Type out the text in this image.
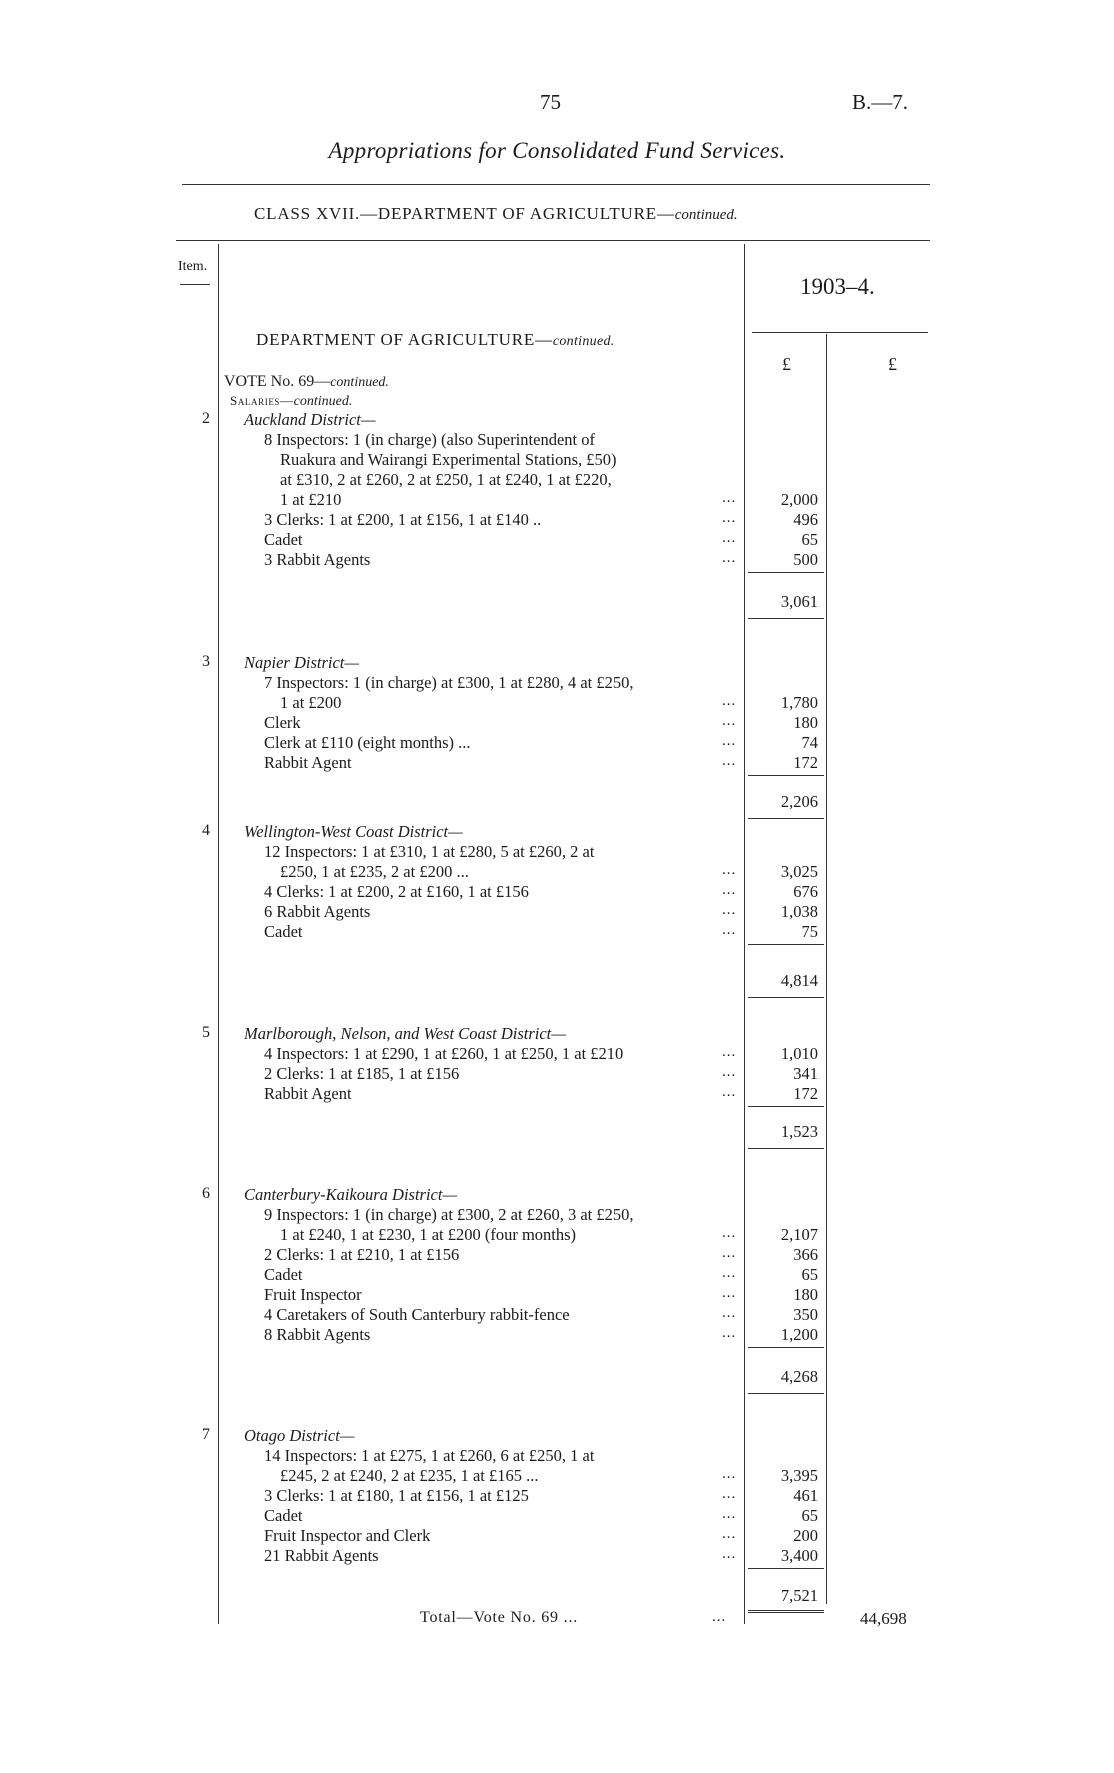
75	B.—7.
Appropriations for Consolidated Fund Services.
CLASS XVII.—DEPARTMENT OF AGRICULTURE—continued.
Item.
1903–4.
£	£
DEPARTMENT OF AGRICULTURE—continued.
VOTE No. 69—continued.
Salaries—continued.
2 Auckland District—
8 Inspectors: 1 (in charge) (also Superintendent of
Ruakura and Wairangi Experimental Stations, £50)
at £310, 2 at £260, 2 at £250, 1 at £240, 1 at £220,
1 at £210	...	2,000
3 Clerks: 1 at £200, 1 at £156, 1 at £140 ..	...	496
Cadet	...	65
3 Rabbit Agents	...	500
3,061
3 Napier District—
7 Inspectors: 1 (in charge) at £300, 1 at £280, 4 at £250,
1 at £200	...	1,780
Clerk	...	180
Clerk at £110 (eight months) ...	...	74
Rabbit Agent	...	172
2,206
4 Wellington-West Coast District—
12 Inspectors: 1 at £310, 1 at £280, 5 at £260, 2 at
£250, 1 at £235, 2 at £200 ...	...	3,025
4 Clerks: 1 at £200, 2 at £160, 1 at £156	...	676
6 Rabbit Agents	...	1,038
Cadet	...	75
4,814
5 Marlborough, Nelson, and West Coast District—
4 Inspectors: 1 at £290, 1 at £260, 1 at £250, 1 at £210	...	1,010
2 Clerks: 1 at £185, 1 at £156	...	341
Rabbit Agent	...	172
1,523
6 Canterbury-Kaikoura District—
9 Inspectors: 1 (in charge) at £300, 2 at £260, 3 at £250,
1 at £240, 1 at £230, 1 at £200 (four months)	...	2,107
2 Clerks: 1 at £210, 1 at £156	...	366
Cadet	...	65
Fruit Inspector	...	180
4 Caretakers of South Canterbury rabbit-fence	...	350
8 Rabbit Agents	...	1,200
4,268
7 Otago District—
14 Inspectors: 1 at £275, 1 at £260, 6 at £250, 1 at
£245, 2 at £240, 2 at £235, 1 at £165 ...	...	3,395
3 Clerks: 1 at £180, 1 at £156, 1 at £125	...	461
Cadet	...	65
Fruit Inspector and Clerk	...	200
21 Rabbit Agents	...	3,400
7,521
Total—Vote No. 69 ...	...	44,698
